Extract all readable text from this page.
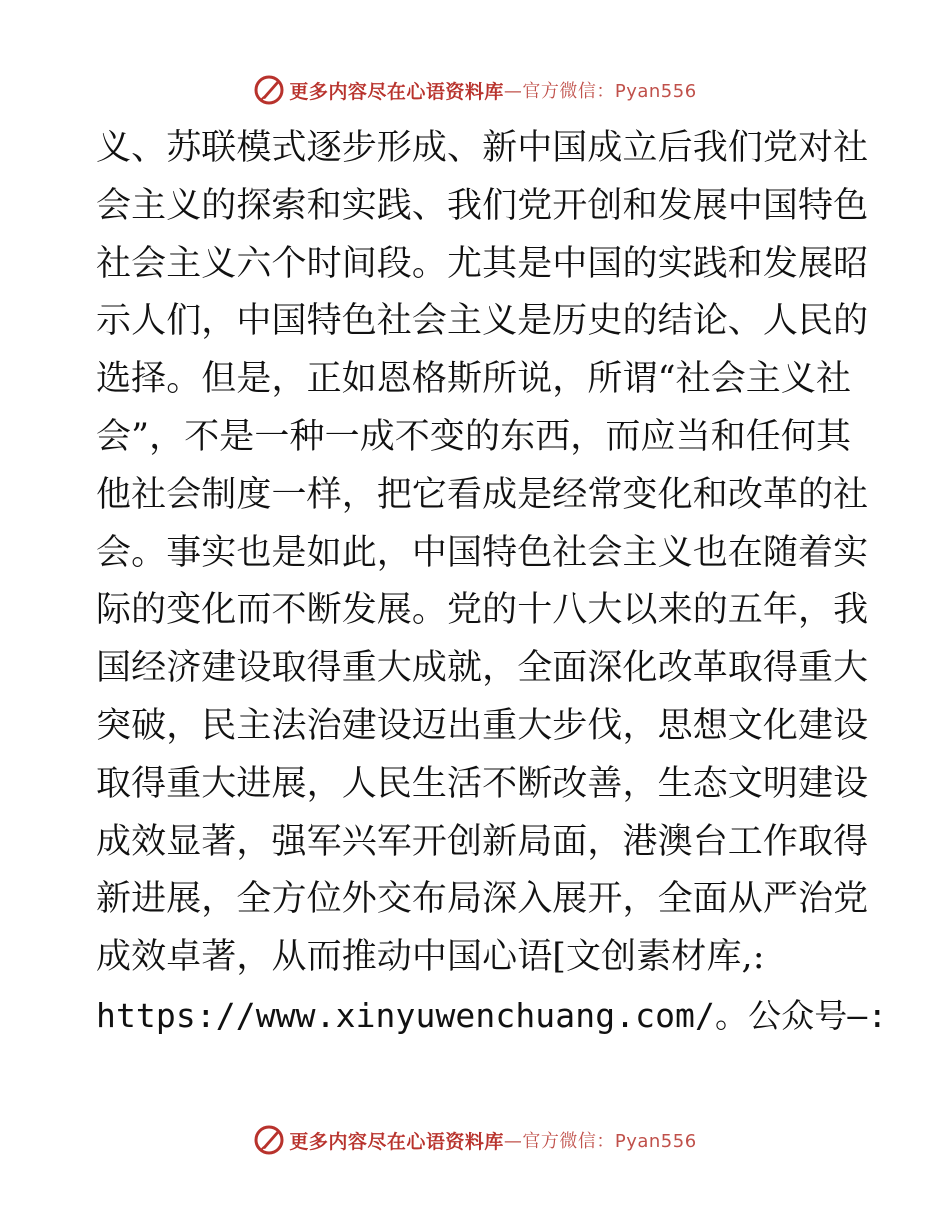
更多内容尽在心语资料库 —官方微信：Pyan556
义、苏联模式逐步形成、新中国成立后我们党对社
会主义的探索和实践、我们党开创和发展中国特色
社会主义六个时间段。尤其是中国的实践和发展昭
示人们，中国特色社会主义是历史的结论、人民的
选择。但是，正如恩格斯所说，所谓“社会主义社
会”，不是一种一成不变的东西，而应当和任何其
他社会制度一样，把它看成是经常变化和改革的社
会。事实也是如此，中国特色社会主义也在随着实
际的变化而不断发展。党的十八大以来的五年，我
国经济建设取得重大成就，全面深化改革取得重大
突破，民主法治建设迈出重大步伐，思想文化建设
取得重大进展，人民生活不断改善，生态文明建设
成效显著，强军兴军开创新局面，港澳台工作取得
新进展，全方位外交布局深入展开，全面从严治党
成效卓著，从而推动中国心语[文创素材库,:
https://www.xinyuwenchuang.com/。公众号—:
更多内容尽在心语资料库 —官方微信：Pyan556
